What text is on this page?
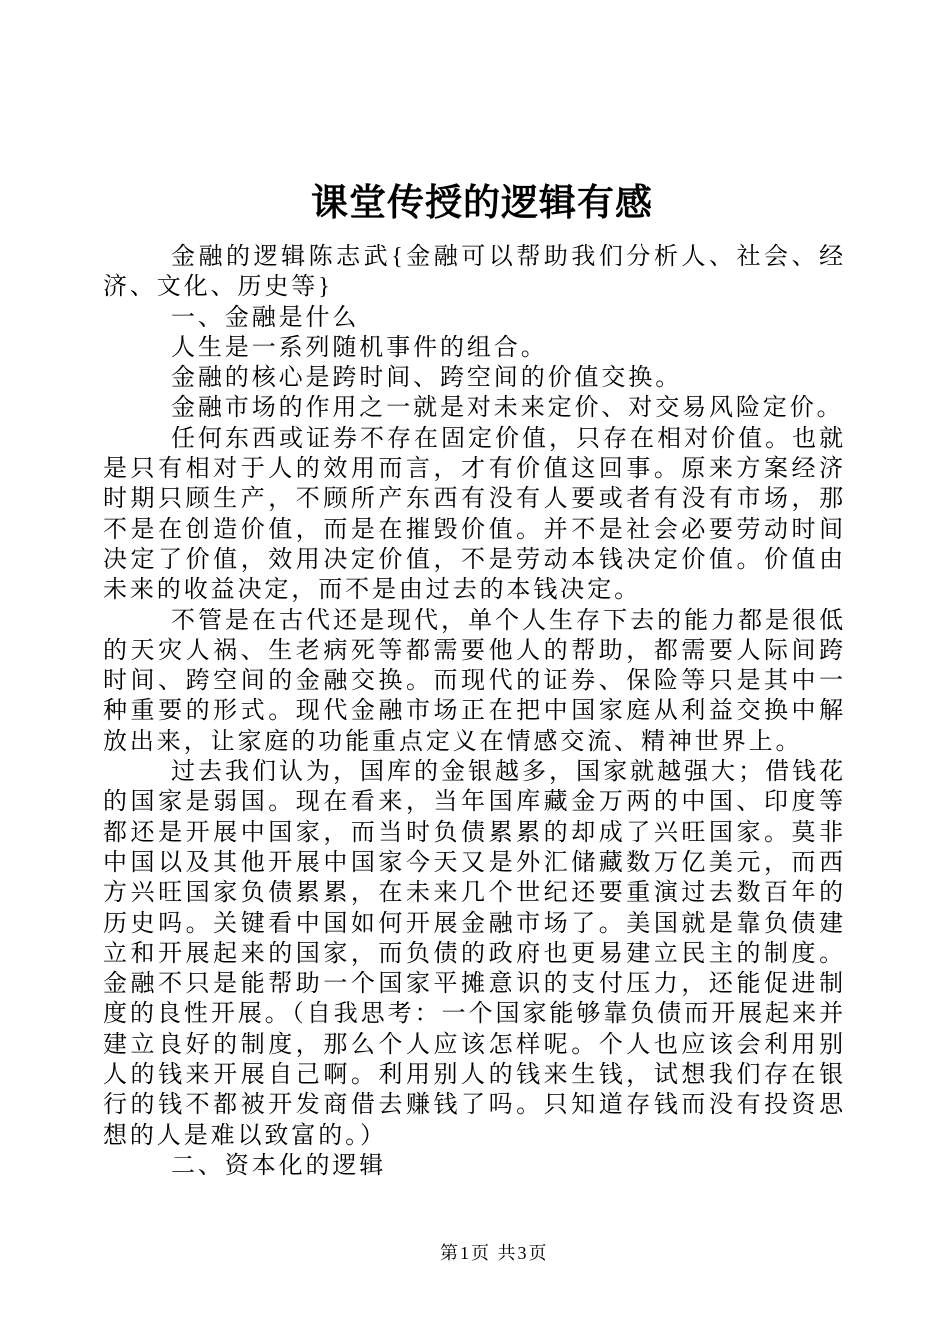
课堂传授的逻辑有感

金融的逻辑陈志武{金融可以帮助我们分析人、社会、经济、文化、历史等}

一、金融是什么

人生是一系列随机事件的组合。

金融的核心是跨时间、跨空间的价值交换。

金融市场的作用之一就是对未来定价、对交易风险定价。

任何东西或证券不存在固定价值，只存在相对价值。也就是只有相对于人的效用而言，才有价值这回事。原来方案经济时期只顾生产，不顾所产东西有没有人要或者有没有市场，那不是在创造价值，而是在摧毁价值。并不是社会必要劳动时间决定了价值，效用决定价值，不是劳动本钱决定价值。价值由未来的收益决定，而不是由过去的本钱决定。

不管是在古代还是现代，单个人生存下去的能力都是很低的天灾人祸、生老病死等都需要他人的帮助，都需要人际间跨时间、跨空间的金融交换。而现代的证券、保险等只是其中一种重要的形式。现代金融市场正在把中国家庭从利益交换中解放出来，让家庭的功能重点定义在情感交流、精神世界上。

过去我们认为，国库的金银越多，国家就越强大；借钱花的国家是弱国。现在看来，当年国库藏金万两的中国、印度等都还是开展中国家，而当时负债累累的却成了兴旺国家。莫非中国以及其他开展中国家今天又是外汇储藏数万亿美元，而西方兴旺国家负债累累，在未来几个世纪还要重演过去数百年的历史吗。关键看中国如何开展金融市场了。美国就是靠负债建立和开展起来的国家，而负债的政府也更易建立民主的制度。金融不只是能帮助一个国家平摊意识的支付压力，还能促进制度的良性开展。（自我思考：一个国家能够靠负债而开展起来并建立良好的制度，那么个人应该怎样呢。个人也应该会利用别人的钱来开展自己啊。利用别人的钱来生钱，试想我们存在银行的钱不都被开发商借去赚钱了吗。只知道存钱而没有投资思想的人是难以致富的。）

二、资本化的逻辑

第1页 共3页
